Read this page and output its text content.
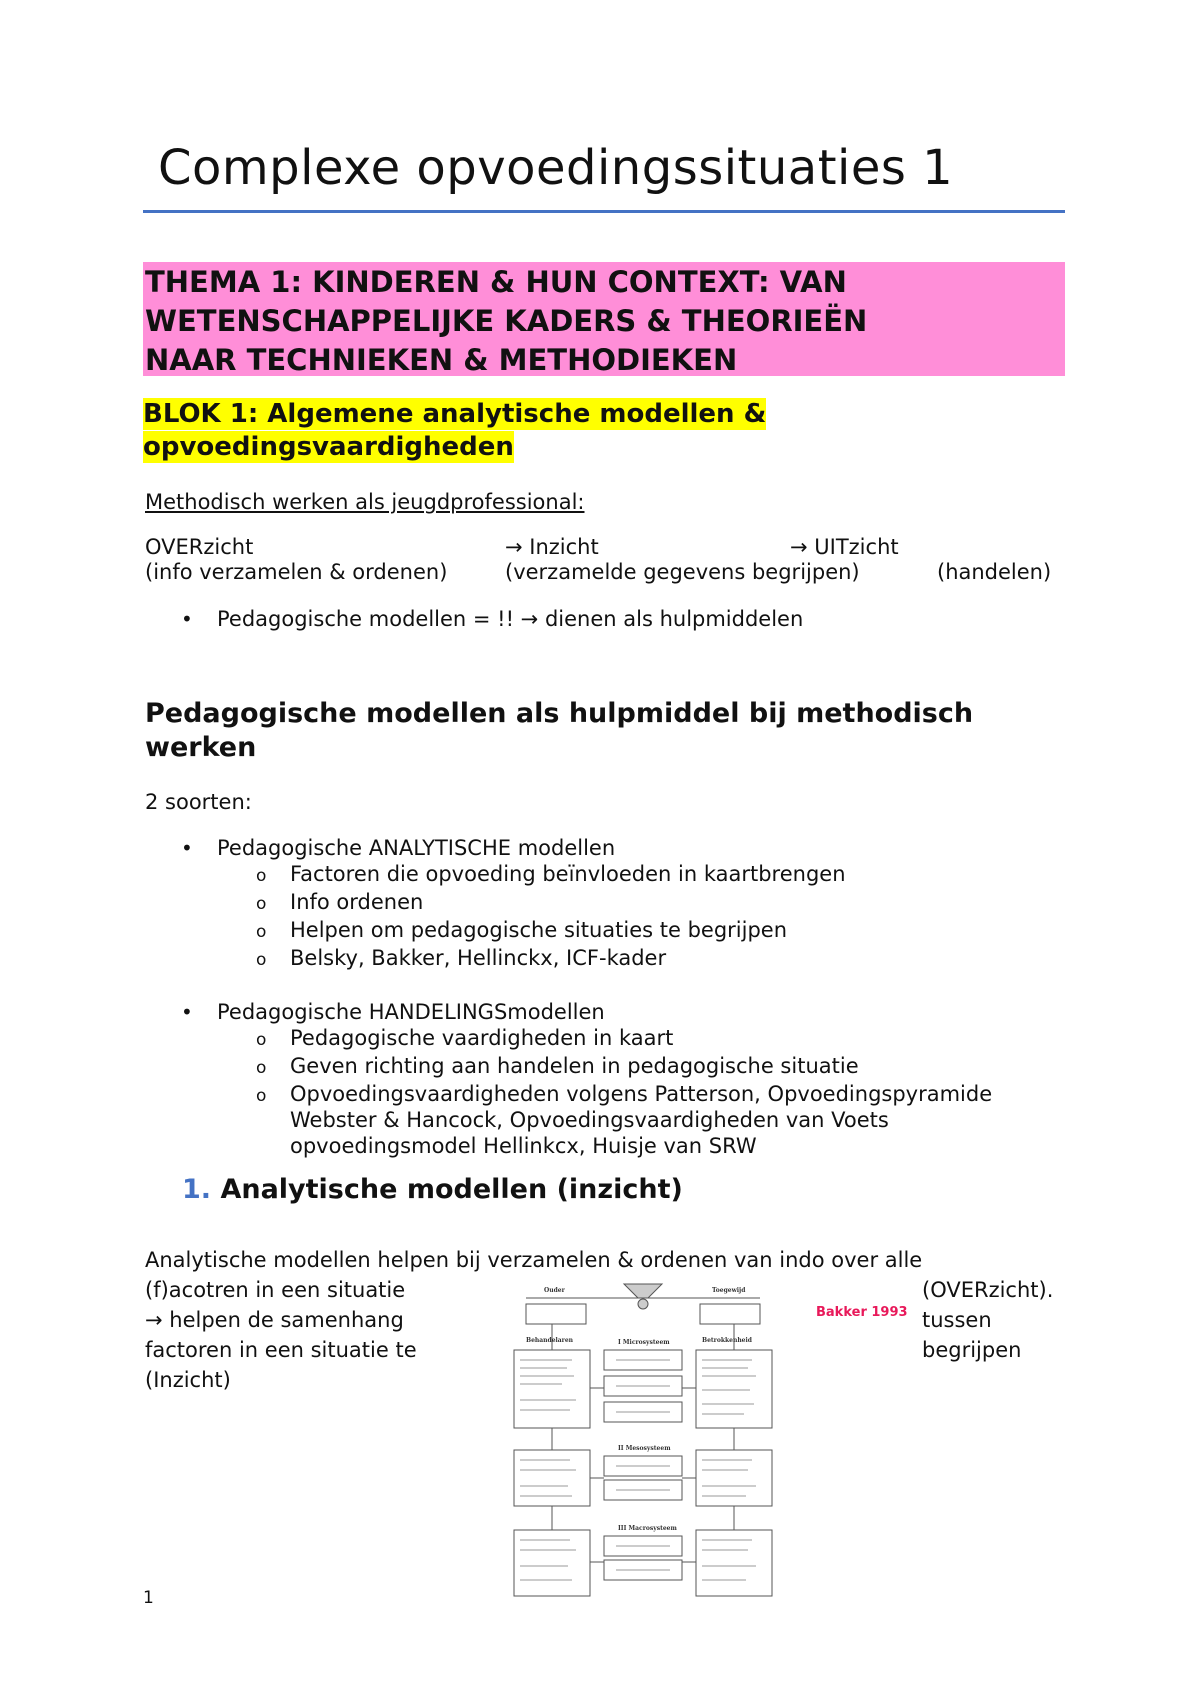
Complexe opvoedingssituaties 1
THEMA 1: KINDEREN & HUN CONTEXT: VAN
WETENSCHAPPELIJKE KADERS & THEORIEËN
NAAR TECHNIEKEN & METHODIEKEN
BLOK 1: Algemene analytische modellen &
opvoedingsvaardigheden
Methodisch werken als jeugdprofessional:
OVERzicht
(info verzamelen & ordenen)
→ Inzicht
(verzamelde gegevens begrijpen)
→ UITzicht
(handelen)
• Pedagogische modellen = !! → dienen als hulpmiddelen
Pedagogische modellen als hulpmiddel bij methodisch
werken
2 soorten:
• Pedagogische ANALYTISCHE modellen
o Factoren die opvoeding beïnvloeden in kaartbrengen
o Info ordenen
o Helpen om pedagogische situaties te begrijpen
o Belsky, Bakker, Hellinckx, ICF-kader
• Pedagogische HANDELINGSmodellen
o Pedagogische vaardigheden in kaart
o Geven richting aan handelen in pedagogische situatie
o Opvoedingsvaardigheden volgens Patterson, Opvoedingspyramide
Webster & Hancock, Opvoedingsvaardigheden van Voets
opvoedingsmodel Hellinkcx, Huisje van SRW
1. Analytische modellen (inzicht)
Analytische modellen helpen bij verzamelen & ordenen van indo over alle
(f)acotren in een situatie
→ helpen de samenhang
factoren in een situatie te
(Inzicht)
(OVERzicht).
tussen
begrijpen
Bakker 1993
Ouder	Toegewijd
Behandelaren	Betrokkenheid
I Microsysteem
II Mesosysteem
III Macrosysteem
1
